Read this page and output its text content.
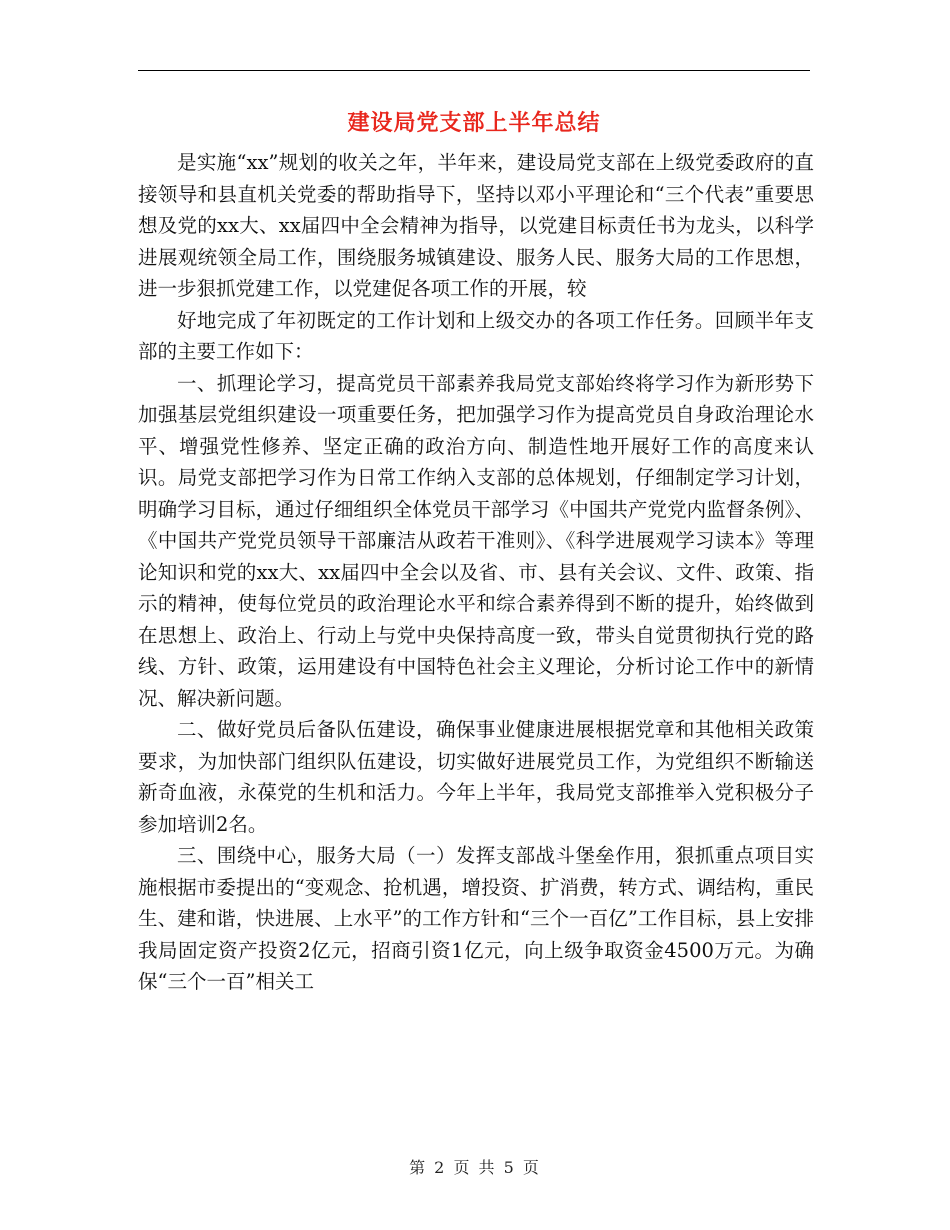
建设局党支部上半年总结

是实施“xx”规划的收关之年，半年来，建设局党支部在上级党委政府的直接领导和县直机关党委的帮助指导下，坚持以邓小平理论和“三个代表”重要思想及党的xx大、xx届四中全会精神为指导，以党建目标责任书为龙头，以科学进展观统领全局工作，围绕服务城镇建设、服务人民、服务大局的工作思想，进一步狠抓党建工作，以党建促各项工作的开展，较

好地完成了年初既定的工作计划和上级交办的各项工作任务。回顾半年支部的主要工作如下：

一、抓理论学习，提高党员干部素养我局党支部始终将学习作为新形势下加强基层党组织建设一项重要任务，把加强学习作为提高党员自身政治理论水平、增强党性修养、坚定正确的政治方向、制造性地开展好工作的高度来认识。局党支部把学习作为日常工作纳入支部的总体规划，仔细制定学习计划，明确学习目标，通过仔细组织全体党员干部学习《中国共产党党内监督条例》、《中国共产党党员领导干部廉洁从政若干准则》、《科学进展观学习读本》等理论知识和党的xx大、xx届四中全会以及省、市、县有关会议、文件、政策、指示的精神，使每位党员的政治理论水平和综合素养得到不断的提升，始终做到在思想上、政治上、行动上与党中央保持高度一致，带头自觉贯彻执行党的路线、方针、政策，运用建设有中国特色社会主义理论，分析讨论工作中的新情况、解决新问题。

二、做好党员后备队伍建设，确保事业健康进展根据党章和其他相关政策要求，为加快部门组织队伍建设，切实做好进展党员工作，为党组织不断输送新奇血液，永葆党的生机和活力。今年上半年，我局党支部推举入党积极分子参加培训2名。

三、围绕中心，服务大局（一）发挥支部战斗堡垒作用，狠抓重点项目实施根据市委提出的“变观念、抢机遇，增投资、扩消费，转方式、调结构，重民生、建和谐，快进展、上水平”的工作方针和“三个一百亿”工作目标，县上安排我局固定资产投资2亿元，招商引资1亿元，向上级争取资金4500万元。为确保“三个一百”相关工

第 2 页 共 5 页
